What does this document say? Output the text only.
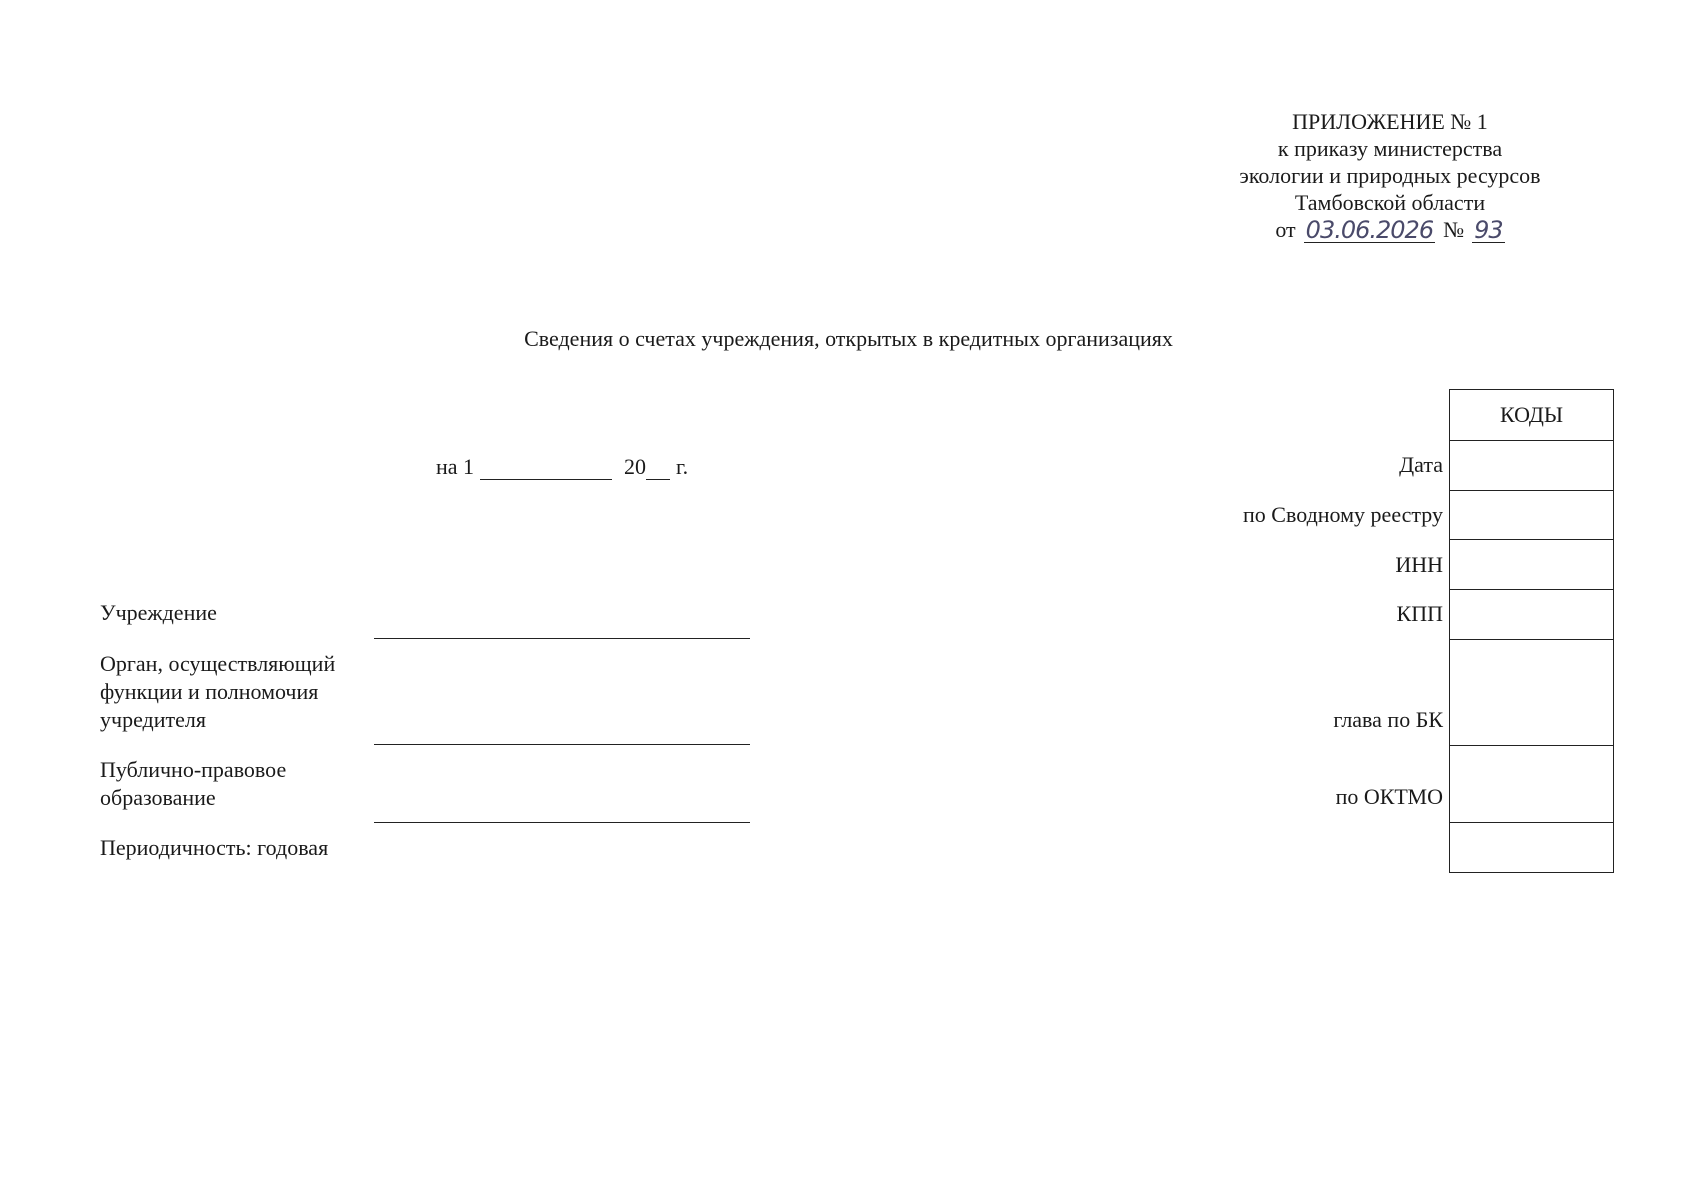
ПРИЛОЖЕНИЕ № 1
к приказу министерства
экологии и природных ресурсов
Тамбовской области
от 03.06.2026 № 93
Сведения о счетах учреждения, открытых в кредитных организациях
на 1	20 г.
Учреждение
Орган, осуществляющий
функции и полномочия
учредителя
Публично-правовое
образование
Периодичность: годовая
КОДЫ
Дата
по Сводному реестру
ИНН
КПП
глава по БК
по ОКТМО
